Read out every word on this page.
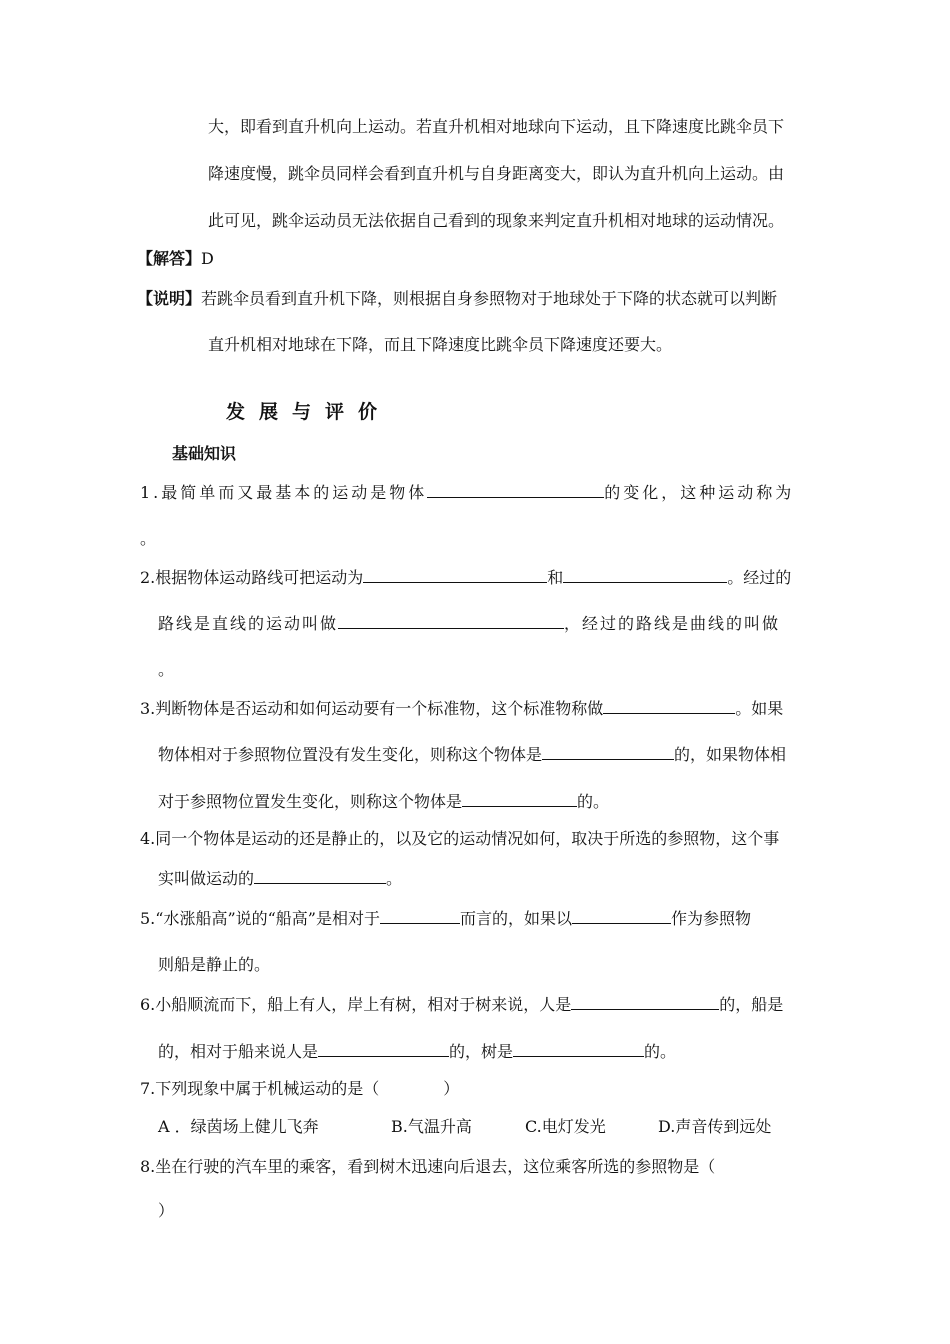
大，即看到直升机向上运动。若直升机相对地球向下运动，且下降速度比跳伞员下
降速度慢，跳伞员同样会看到直升机与自身距离变大，即认为直升机向上运动。由
此可见，跳伞运动员无法依据自己看到的现象来判定直升机相对地球的运动情况。
【解答】D
【说明】若跳伞员看到直升机下降，则根据自身参照物对于地球处于下降的状态就可以判断
直升机相对地球在下降，而且下降速度比跳伞员下降速度还要大。
发展与评价
基础知识
1.最简单而又最基本的运动是物体	的变化，这种运动称为
。
2.根据物体运动路线可把运动为	和	。经过的
路线是直线的运动叫做	，经过的路线是曲线的叫做
。
3.判断物体是否运动和如何运动要有一个标准物，这个标准物称做	。如果
物体相对于参照物位置没有发生变化，则称这个物体是	的，如果物体相
对于参照物位置发生变化，则称这个物体是	的。
4.同一个物体是运动的还是静止的，以及它的运动情况如何，取决于所选的参照物，这个事
实叫做运动的	。
5.“水涨船高”说的“船高”是相对于	而言的，如果以	作为参照物
则船是静止的。
6.小船顺流而下，船上有人，岸上有树，相对于树来说，人是	的，船是
的，相对于船来说人是	的，树是	的。
7.下列现象中属于机械运动的是（　　　　）
A ．绿茵场上健儿飞奔	B.气温升高	C.电灯发光	D.声音传到远处
8.坐在行驶的汽车里的乘客，看到树木迅速向后退去，这位乘客所选的参照物是（
）
